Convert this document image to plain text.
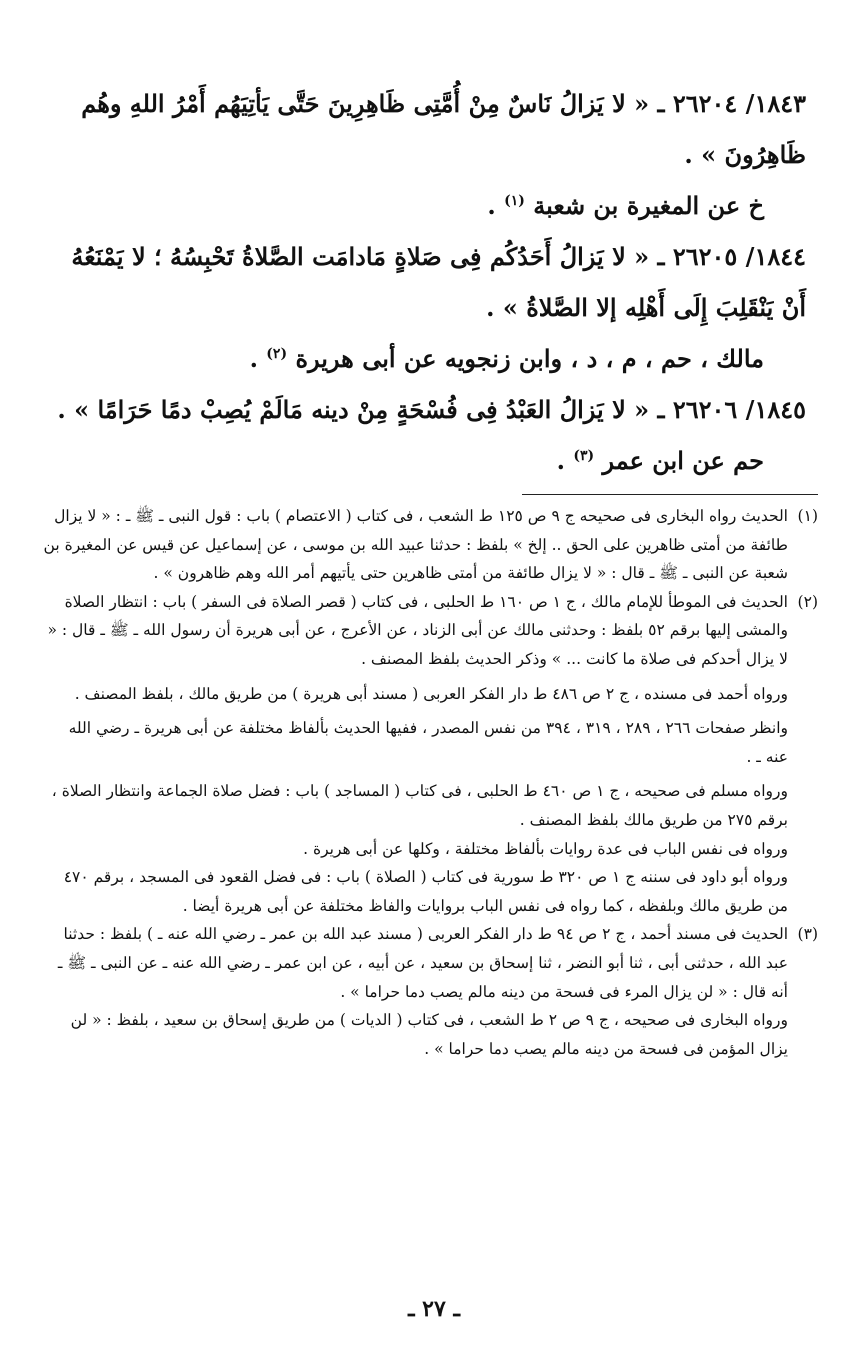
١٨٤٣/ ٢٦٢٠٤ ـ « لا يَزالُ نَاسٌ مِنْ أُمَّتِى ظَاهِرِينَ حَتَّى يَأتِيَهُم أَمْرُ اللهِ وهُم ظَاهِرُونَ » .

خ عن المغيرة بن شعبة $^{(١)}$ .

١٨٤٤/ ٢٦٢٠٥ ـ « لا يَزالُ أَحَدُكُم فِى صَلاةٍ مَادامَت الصَّلاةُ تَحْبِسُهُ ؛ لا يَمْنَعُهُ أَنْ يَنْقَلِبَ إِلَى أَهْلِه إلا الصَّلاةُ » .

مالك ، حم ، م ، د ، وابن زنجويه عن أبى هريرة $^{(٢)}$ .

١٨٤٥/ ٢٦٢٠٦ ـ « لا يَزالُ العَبْدُ فِى فُسْحَةٍ مِنْ دينه مَالَمْ يُصِبْ دمًا حَرَامًا » .

حم عن ابن عمر $^{(٣)}$ .

(١)

الحديث رواه البخارى فى صحيحه ج ٩ ص ١٢٥ ط الشعب ، فى كتاب ( الاعتصام ) باب : قول النبى ـ ﷺ ـ : « لا يزال طائفة من أمتى ظاهرين على الحق .. إلخ » بلفظ : حدثنا عبيد الله بن موسى ، عن إسماعيل عن قيس عن المغيرة بن شعبة عن النبى ـ ﷺ ـ قال : « لا يزال طائفة من أمتى ظاهرين حتى يأتيهم أمر الله وهم ظاهرون » .

(٢)

الحديث فى الموطأ للإمام مالك ، ج ١ ص ١٦٠ ط الحلبى ، فى كتاب ( قصر الصلاة فى السفر ) باب : انتظار الصلاة والمشى إليها برقم ٥٢ بلفظ : وحدثنى مالك عن أبى الزناد ، عن الأعرج ، عن أبى هريرة أن رسول الله ـ ﷺ ـ قال : « لا يزال أحدكم فى صلاة ما كانت ... » وذكر الحديث بلفظ المصنف .

ورواه أحمد فى مسنده ، ج ٢ ص ٤٨٦ ط دار الفكر العربى ( مسند أبى هريرة ) من طريق مالك ، بلفظ المصنف .

وانظر صفحات ٢٦٦ ، ٢٨٩ ، ٣١٩ ، ٣٩٤ من نفس المصدر ، ففيها الحديث بألفاظ مختلفة عن أبى هريرة ـ رضي الله عنه ـ .

ورواه مسلم فى صحيحه ، ج ١ ص ٤٦٠ ط الحلبى ، فى كتاب ( المساجد ) باب : فضل صلاة الجماعة وانتظار الصلاة ، برقم ٢٧٥ من طريق مالك بلفظ المصنف .

ورواه فى نفس الباب فى عدة روايات بألفاظ مختلفة ، وكلها عن أبى هريرة .

ورواه أبو داود فى سننه ج ١ ص ٣٢٠ ط سورية فى كتاب ( الصلاة ) باب : فى فضل القعود فى المسجد ، برقم ٤٧٠ من طريق مالك وبلفظه ، كما رواه فى نفس الباب بروايات والفاظ مختلفة عن أبى هريرة أيضا .

(٣)

الحديث فى مسند أحمد ، ج ٢ ص ٩٤ ط دار الفكر العربى ( مسند عبد الله بن عمر ـ رضي الله عنه ـ ) بلفظ : حدثنا عبد الله ، حدثنى أبى ، ثنا أبو النضر ، ثنا إسحاق بن سعيد ، عن أبيه ، عن ابن عمر ـ رضي الله عنه ـ عن النبى ـ ﷺ ـ أنه قال : « لن يزال المرء فى فسحة من دينه مالم يصب دما حراما » .

ورواه البخارى فى صحيحه ، ج ٩ ص ٢ ط الشعب ، فى كتاب ( الديات ) من طريق إسحاق بن سعيد ، بلفظ : « لن يزال المؤمن فى فسحة من دينه مالم يصب دما حراما » .

ـ ٢٧ ـ
